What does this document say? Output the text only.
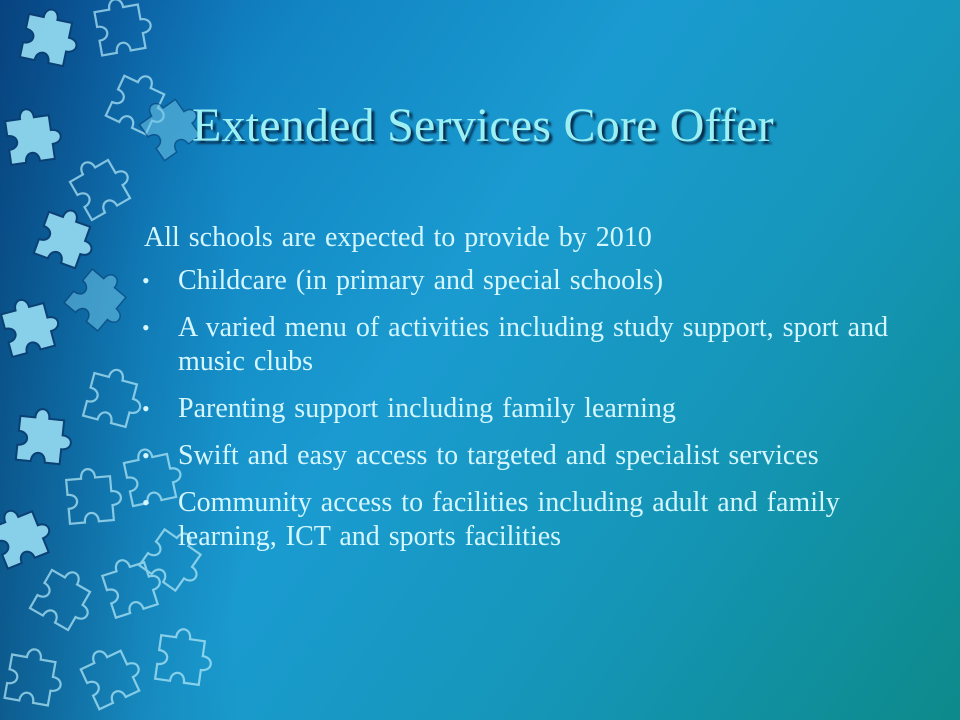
Extended Services Core Offer

All schools are expected to provide by 2010

• Childcare (in primary and special schools)
• A varied menu of activities including study support, sport and music clubs
• Parenting support including family learning
• Swift and easy access to targeted and specialist services
• Community access to facilities including adult and family learning, ICT and sports facilities
